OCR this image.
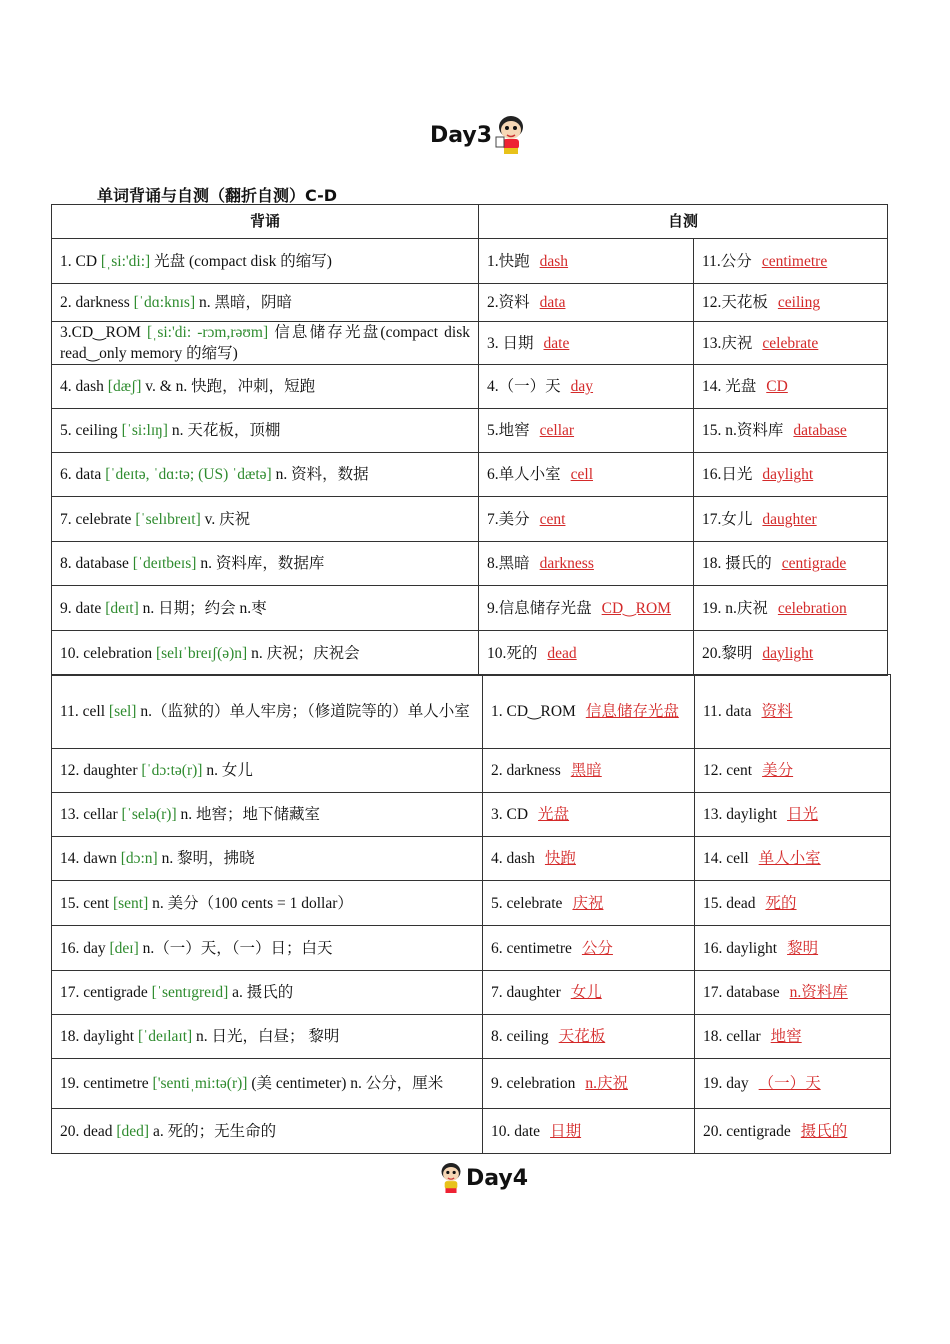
Day3
单词背诵与自测（翻折自测）C-D
背诵	自测	
1. CD [ˌsi:'di:] 光盘 (compact disk 的缩写)	1.快跑 dash	11.公分 centimetre
2. darkness [ˈdɑ:knɪs] n. 黑暗，阴暗	2.资料 data	12.天花板 ceiling
3.CD‿ROM [ˌsi:'di: -rɔm,rəʊm] 信息储存光盘(compact disk read‿only memory 的缩写)	3. 日期 date	13.庆祝 celebrate
4. dash [dæʃ] v. & n. 快跑，冲刺，短跑	4.（一）天 day	14. 光盘 CD
5. ceiling [ˈsi:lɪŋ] n. 天花板，顶棚	5.地窖 cellar	15. n.资料库 database
6. data [ˈdeɪtə, ˈdɑ:tə; (US) ˈdætə] n. 资料，数据	6.单人小室 cell	16.日光 daylight
7. celebrate [ˈselıbreıt] v. 庆祝	7.美分 cent	17.女儿 daughter
8. database [ˈdeɪtbeɪs] n. 资料库，数据库	8.黑暗 darkness	18. 摄氏的 centigrade
9. date [deɪt] n. 日期；约会 n.枣	9.信息储存光盘 CD‿ROM	19. n.庆祝 celebration
10. celebration [selɪˈbreɪʃ(ə)n] n. 庆祝；庆祝会	10.死的 dead	20.黎明 daylight
11. cell [sel] n.（监狱的）单人牢房；（修道院等的）单人小室	1. CD‿ROM 信息储存光盘	11. data 资料
12. daughter [ˈdɔ:tə(r)] n. 女儿	2. darkness 黑暗	12. cent 美分
13. cellar [ˈselə(r)] n. 地窖；地下储藏室	3. CD 光盘	13. daylight 日光
14. dawn [dɔ:n] n. 黎明，拂晓	4. dash 快跑	14. cell 单人小室
15. cent [sent] n. 美分（100 cents = 1 dollar）	5. celebrate 庆祝	15. dead 死的
16. day [deɪ] n.（一）天，（一）日；白天	6. centimetre 公分	16. daylight 黎明
17. centigrade [ˈsentɪgreɪd] a. 摄氏的	7. daughter 女儿	17. database n.资料库
18. daylight [ˈdeɪlaɪt] n. 日光，白昼； 黎明	8. ceiling 天花板	18. cellar 地窖
19. centimetre ['sentiˌmi:tə(r)] (美 centimeter) n. 公分，厘米	9. celebration n.庆祝	19. day （一）天
20. dead [ded] a. 死的；无生命的	10. date 日期	20. centigrade 摄氏的
Day4
